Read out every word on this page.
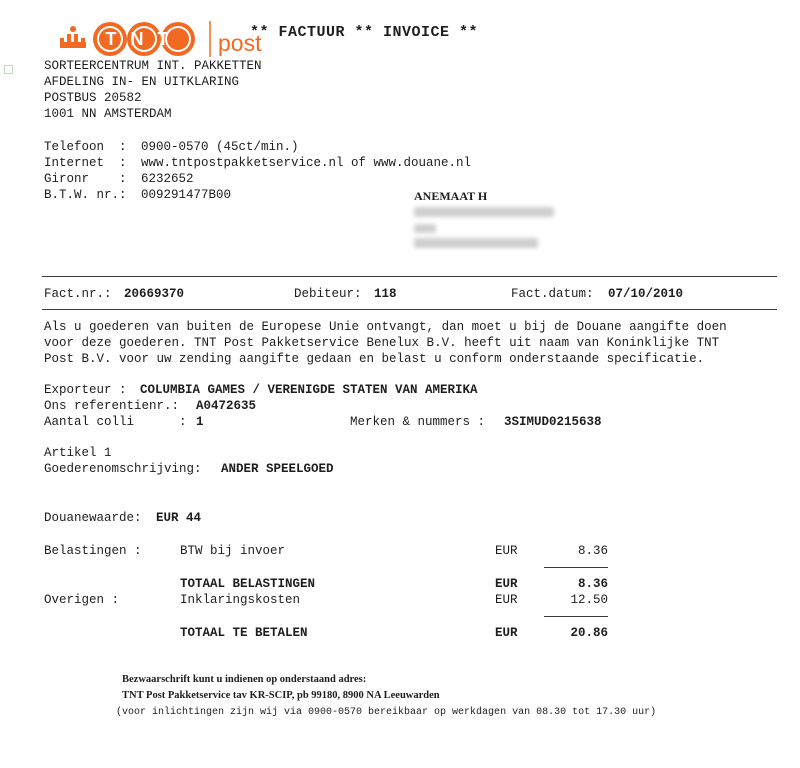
TNT post
** FACTUUR ** INVOICE **
SORTEERCENTRUM INT. PAKKETTEN
AFDELING IN- EN UITKLARING
POSTBUS 20582
1001 NN AMSTERDAM
Telefoon  : 0900-0570 (45ct/min.)
Internet  : www.tntpostpakketservice.nl of www.douane.nl
Gironr    : 6232652
B.T.W. nr.: 009291477B00	ANEMAAT H
Fact.nr.: 20669370	Debiteur: 118	Fact.datum: 07/10/2010
Als u goederen van buiten de Europese Unie ontvangt, dan moet u bij de Douane aangifte doen
voor deze goederen. TNT Post Pakketservice Benelux B.V. heeft uit naam van Koninklijke TNT
Post B.V. voor uw zending aangifte gedaan en belast u conform onderstaande specificatie.
Exporteur : COLUMBIA GAMES / VERENIGDE STATEN VAN AMERIKA
Ons referentienr.: A0472635
Aantal colli      : 1	Merken & nummers : 3SIMUD0215638
Artikel 1
Goederenomschrijving: ANDER SPEELGOED
Douanewaarde: EUR 44
Belastingen :	BTW bij invoer	EUR	8.36
TOTAAL BELASTINGEN	EUR	8.36
Overigen :	Inklaringskosten	EUR	12.50
TOTAAL TE BETALEN	EUR	20.86
Bezwaarschrift kunt u indienen op onderstaand adres:
TNT Post Pakketservice tav KR-SCIP, pb 99180, 8900 NA Leeuwarden
(voor inlichtingen zijn wij via 0900-0570 bereikbaar op werkdagen van 08.30 tot 17.30 uur)
